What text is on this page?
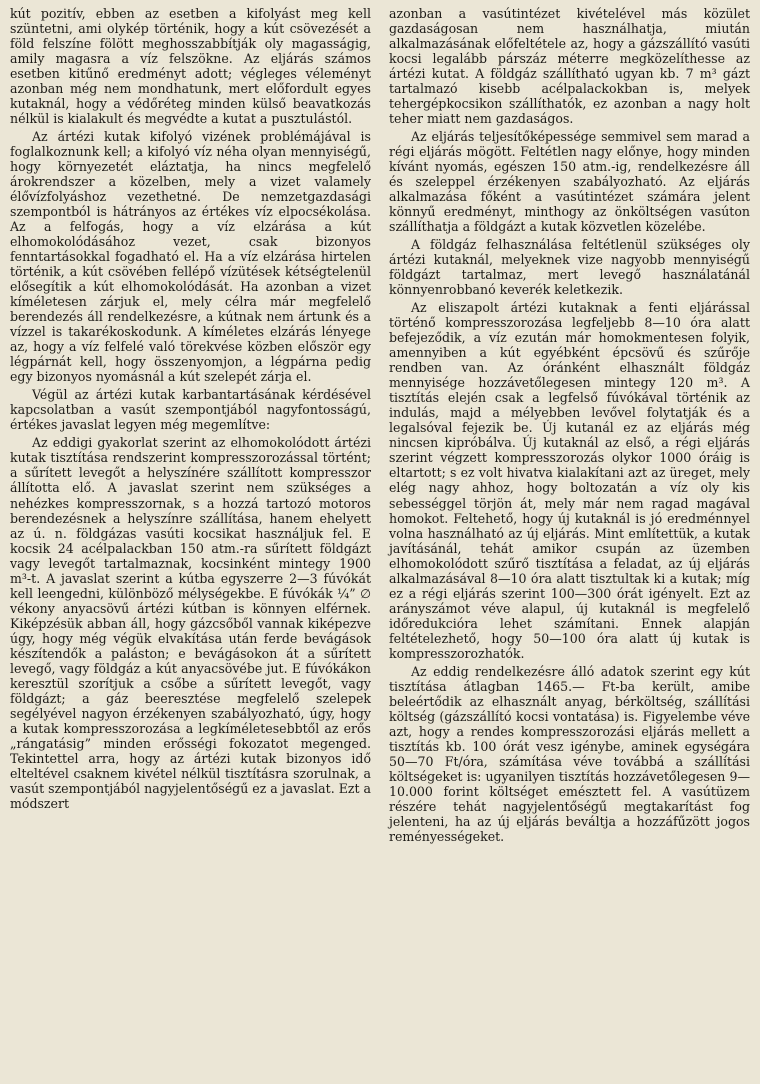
kút pozitív, ebben az esetben a kifolyást meg kell szüntetni, ami olykép történik, hogy a kút csövezését a föld felszíne fölött meghosszabbítják oly magasságig, amily magasra a víz felszökne. Az eljárás számos esetben kitűnő eredményt adott; végleges véleményt azonban még nem mondhatunk, mert előfordult egyes kutaknál, hogy a védőréteg minden külső beavatkozás nélkül is kialakult és megvédte a kutat a pusztulástól.

Az ártézi kutak kifolyó vizének problémájával is foglalkoznunk kell; a kifolyó víz néha olyan mennyiségű, hogy környezetét eláztatja, ha nincs megfelelő árokrendszer a közelben, mely a vizet valamely élővízfolyáshoz vezethetné. De nemzetgazdasági szempontból is hátrányos az értékes víz elpocsékolása. Az a felfogás, hogy a víz elzárása a kút elhomokolódásához vezet, csak bizonyos fenntartásokkal fogadható el. Ha a víz elzárása hirtelen történik, a kút csövében fellépő vízütések kétségtelenül elősegítik a kút elhomokolódását. Ha azonban a vizet kíméletesen zárjuk el, mely célra már megfelelő berendezés áll rendelkezésre, a kútnak nem ártunk és a vízzel is takarékoskodunk. A kíméletes elzárás lényege az, hogy a víz felfelé való törekvése közben először egy légpárnát kell, hogy összenyomjon, a légpárna pedig egy bizonyos nyomásnál a kút szelepét zárja el.

Végül az ártézi kutak karbantartásának kérdésével kapcsolatban a vasút szempontjából nagyfontosságú, értékes javaslat legyen még megemlítve:

Az eddigi gyakorlat szerint az elhomokolódott ártézi kutak tisztítása rendszerint kompresszorozással történt; a sűrített levegőt a helyszínére szállított kompresszor állította elő. A javaslat szerint nem szükséges a nehézkes kompresszornak, s a hozzá tartozó motoros berendezésnek a helyszínre szállítása, hanem ehelyett az ú. n. földgázas vasúti kocsikat használjuk fel. E kocsik 24 acélpalackban 150 atm.-ra sűrített földgázt vagy levegőt tartalmaznak, kocsinként mintegy 1900 m³-t. A javaslat szerint a kútba egyszerre 2—3 fúvókát kell leengedni, különböző mélységekbe. E fúvókák ¼” ∅ vékony anyacsövű ártézi kútban is könnyen elférnek. Kiképzésük abban áll, hogy gázcsőből vannak kiképezve úgy, hogy még végük elvakítása után ferde bevágások készítendők a paláston; e bevágásokon át a sűrített levegő, vagy földgáz a kút anyacsövébe jut. E fúvókákon keresztül szorítjuk a csőbe a sűrített levegőt, vagy földgázt; a gáz beeresztése megfelelő szelepek segélyével nagyon érzékenyen szabályozható, úgy, hogy a kutak kompresszorozása a legkíméletesebbtől az erős „rángatásig” minden erősségi fokozatot megenged. Tekintettel arra, hogy az ártézi kutak bizonyos idő elteltével csaknem kivétel nélkül tisztításra szorulnak, a vasút szempontjából nagyjelentőségű ez a javaslat. Ezt a módszert

azonban a vasútintézet kivételével más közület gazdaságosan nem használhatja, miután alkalmazásának előfeltétele az, hogy a gázszállító vasúti kocsi legalább párszáz méterre megközelíthesse az ártézi kutat. A földgáz szállítható ugyan kb. 7 m³ gázt tartalmazó kisebb acélpalackokban is, melyek tehergépkocsikon szállíthatók, ez azonban a nagy holt teher miatt nem gazdaságos.

Az eljárás teljesítőképessége semmivel sem marad a régi eljárás mögött. Feltétlen nagy előnye, hogy minden kívánt nyomás, egészen 150 atm.-ig, rendelkezésre áll és szeleppel érzékenyen szabályozható. Az eljárás alkalmazása főként a vasútintézet számára jelent könnyű eredményt, minthogy az önköltségen vasúton szállíthatja a földgázt a kutak közvetlen közelébe.

A földgáz felhasználása feltétlenül szükséges oly ártézi kutaknál, melyeknek vize nagyobb mennyiségű földgázt tartalmaz, mert levegő használatánál könnyenrobbanó keverék keletkezik.

Az eliszapolt ártézi kutaknak a fenti eljárással történő kompresszorozása legfeljebb 8—10 óra alatt befejeződik, a víz ezután már homokmentesen folyik, amennyiben a kút egyébként épcsövű és szűrője rendben van. Az óránként elhasznált földgáz mennyisége hozzávetőlegesen mintegy 120 m³. A tisztítás elején csak a legfelső fúvókával történik az indulás, majd a mélyebben levővel folytatják és a legalsóval fejezik be. Új kutanál ez az eljárás még nincsen kipróbálva. Új kutaknál az első, a régi eljárás szerint végzett kompresszorozás olykor 1000 óráig is eltartott; s ez volt hivatva kialakítani azt az üreget, mely elég nagy ahhoz, hogy boltozatán a víz oly kis sebességgel törjön át, mely már nem ragad magával homokot. Feltehető, hogy új kutaknál is jó eredménnyel volna használható az új eljárás. Mint említettük, a kutak javításánál, tehát amikor csupán az üzemben elhomokolódott szűrő tisztítása a feladat, az új eljárás alkalmazásával 8—10 óra alatt tisztultak ki a kutak; míg ez a régi eljárás szerint 100—300 órát igényelt. Ezt az arányszámot véve alapul, új kutaknál is megfelelő időredukcióra lehet számítani. Ennek alapján feltételezhető, hogy 50—100 óra alatt új kutak is kompresszorozhatók.

Az eddig rendelkezésre álló adatok szerint egy kút tisztítása átlagban 1465.— Ft-ba került, amibe beleértődik az elhasznált anyag, bérköltség, szállítási költség (gázszállító kocsi vontatása) is. Figyelembe véve azt, hogy a rendes kompresszorozási eljárás mellett a tisztítás kb. 100 órát vesz igénybe, aminek egységára 50—70 Ft/óra, számítása véve továbbá a szállítási költségeket is: ugyanilyen tisztítás hozzávetőlegesen 9—10.000 forint költséget emésztett fel. A vasútüzem részére tehát nagyjelentőségű megtakarítást fog jelenteni, ha az új eljárás beváltja a hozzáfűzött jogos reményességeket.
